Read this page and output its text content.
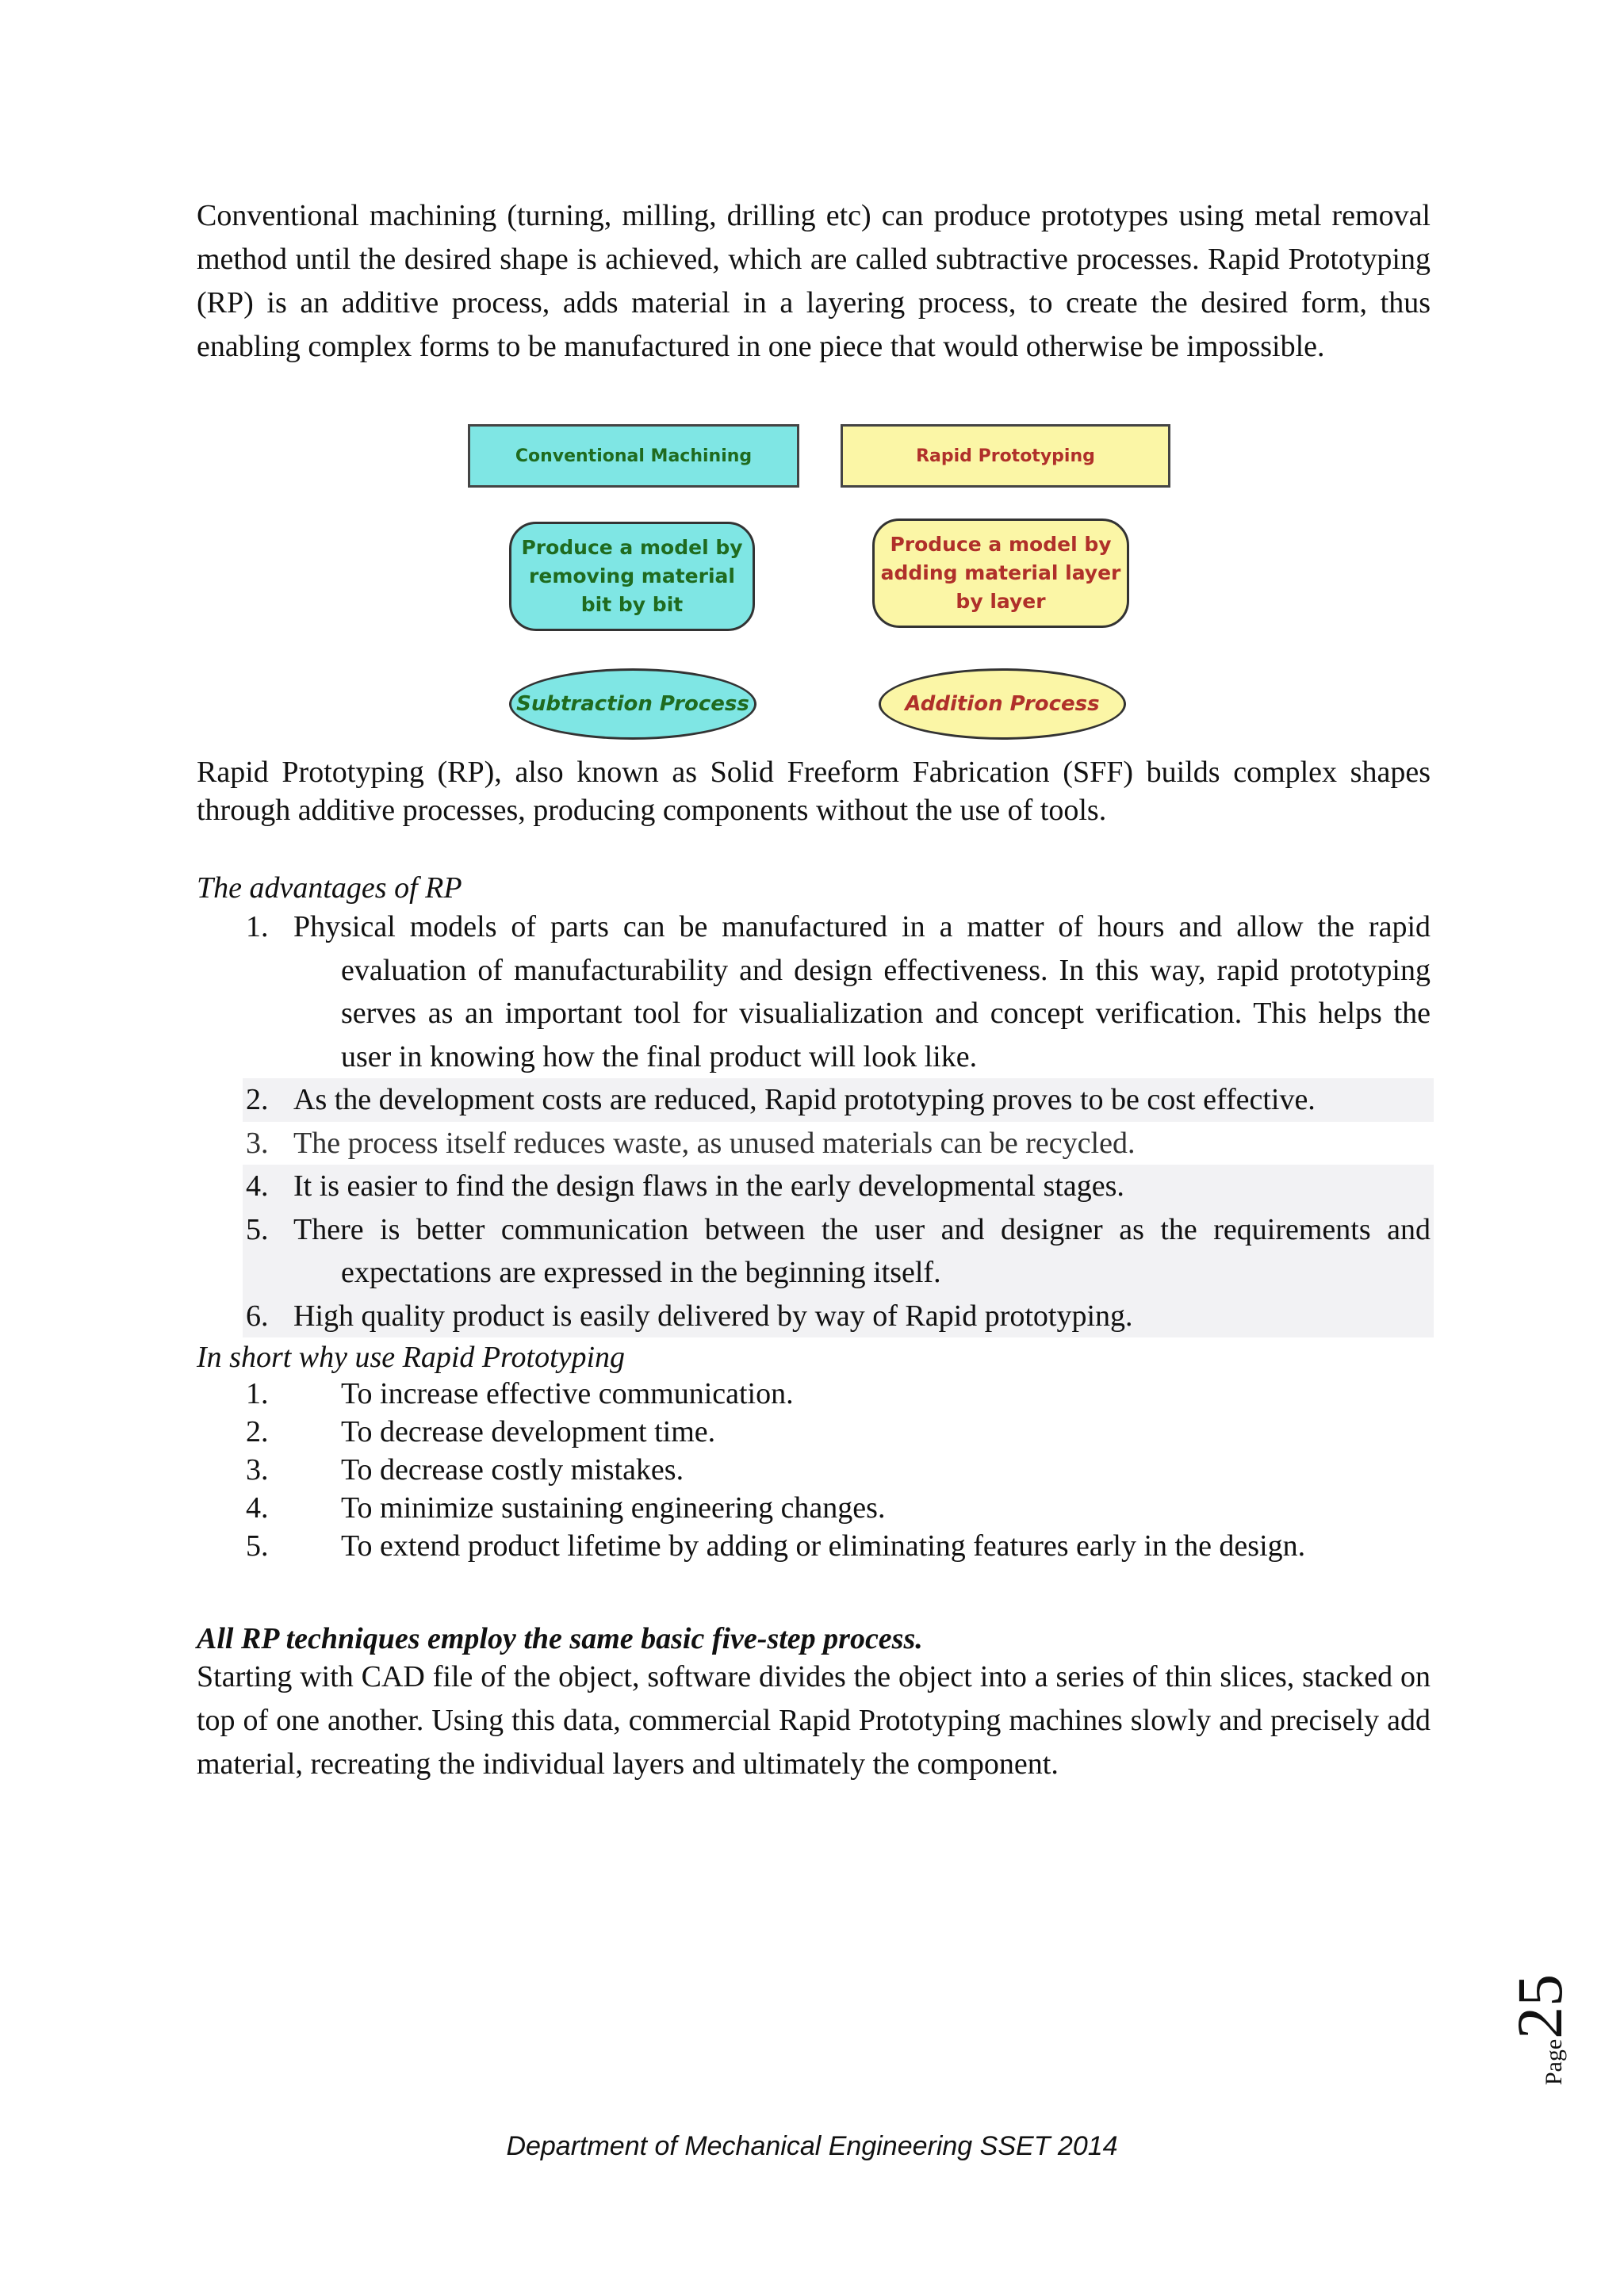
Conventional machining (turning, milling, drilling etc) can produce prototypes using metal removal method until the desired shape is achieved, which are called subtractive processes. Rapid Prototyping (RP) is an additive process, adds material in a layering process, to create the desired form, thus enabling complex forms to be manufactured in one piece that would otherwise be impossible.

Conventional Machining	Rapid Prototyping
Produce a model by removing material bit by bit
Produce a model by adding material layer by layer
Subtraction Process	Addition Process

Rapid Prototyping (RP), also known as Solid Freeform Fabrication (SFF) builds complex shapes through additive processes, producing components without the use of tools.

The advantages of RP

1. Physical models of parts can be manufactured in a matter of hours and allow the rapid evaluation of manufacturability and design effectiveness. In this way, rapid prototyping serves as an important tool for visualialization and concept verification. This helps the user in knowing how the final product will look like.
2. As the development costs are reduced, Rapid prototyping proves to be cost effective.
3. The process itself reduces waste, as unused materials can be recycled.
4. It is easier to find the design flaws in the early developmental stages.
5. There is better communication between the user and designer as the requirements and expectations are expressed in the beginning itself.
6. High quality product is easily delivered by way of Rapid prototyping.

In short why use Rapid Prototyping

1. To increase effective communication.
2. To decrease development time.
3. To decrease costly mistakes.
4. To minimize sustaining engineering changes.
5. To extend product lifetime by adding or eliminating features early in the design.

All RP techniques employ the same basic five-step process.

Starting with CAD file of the object, software divides the object into a series of thin slices, stacked on top of one another. Using this data, commercial Rapid Prototyping machines slowly and precisely add material, recreating the individual layers and ultimately the component.

Page25
Department of Mechanical Engineering SSET 2014
